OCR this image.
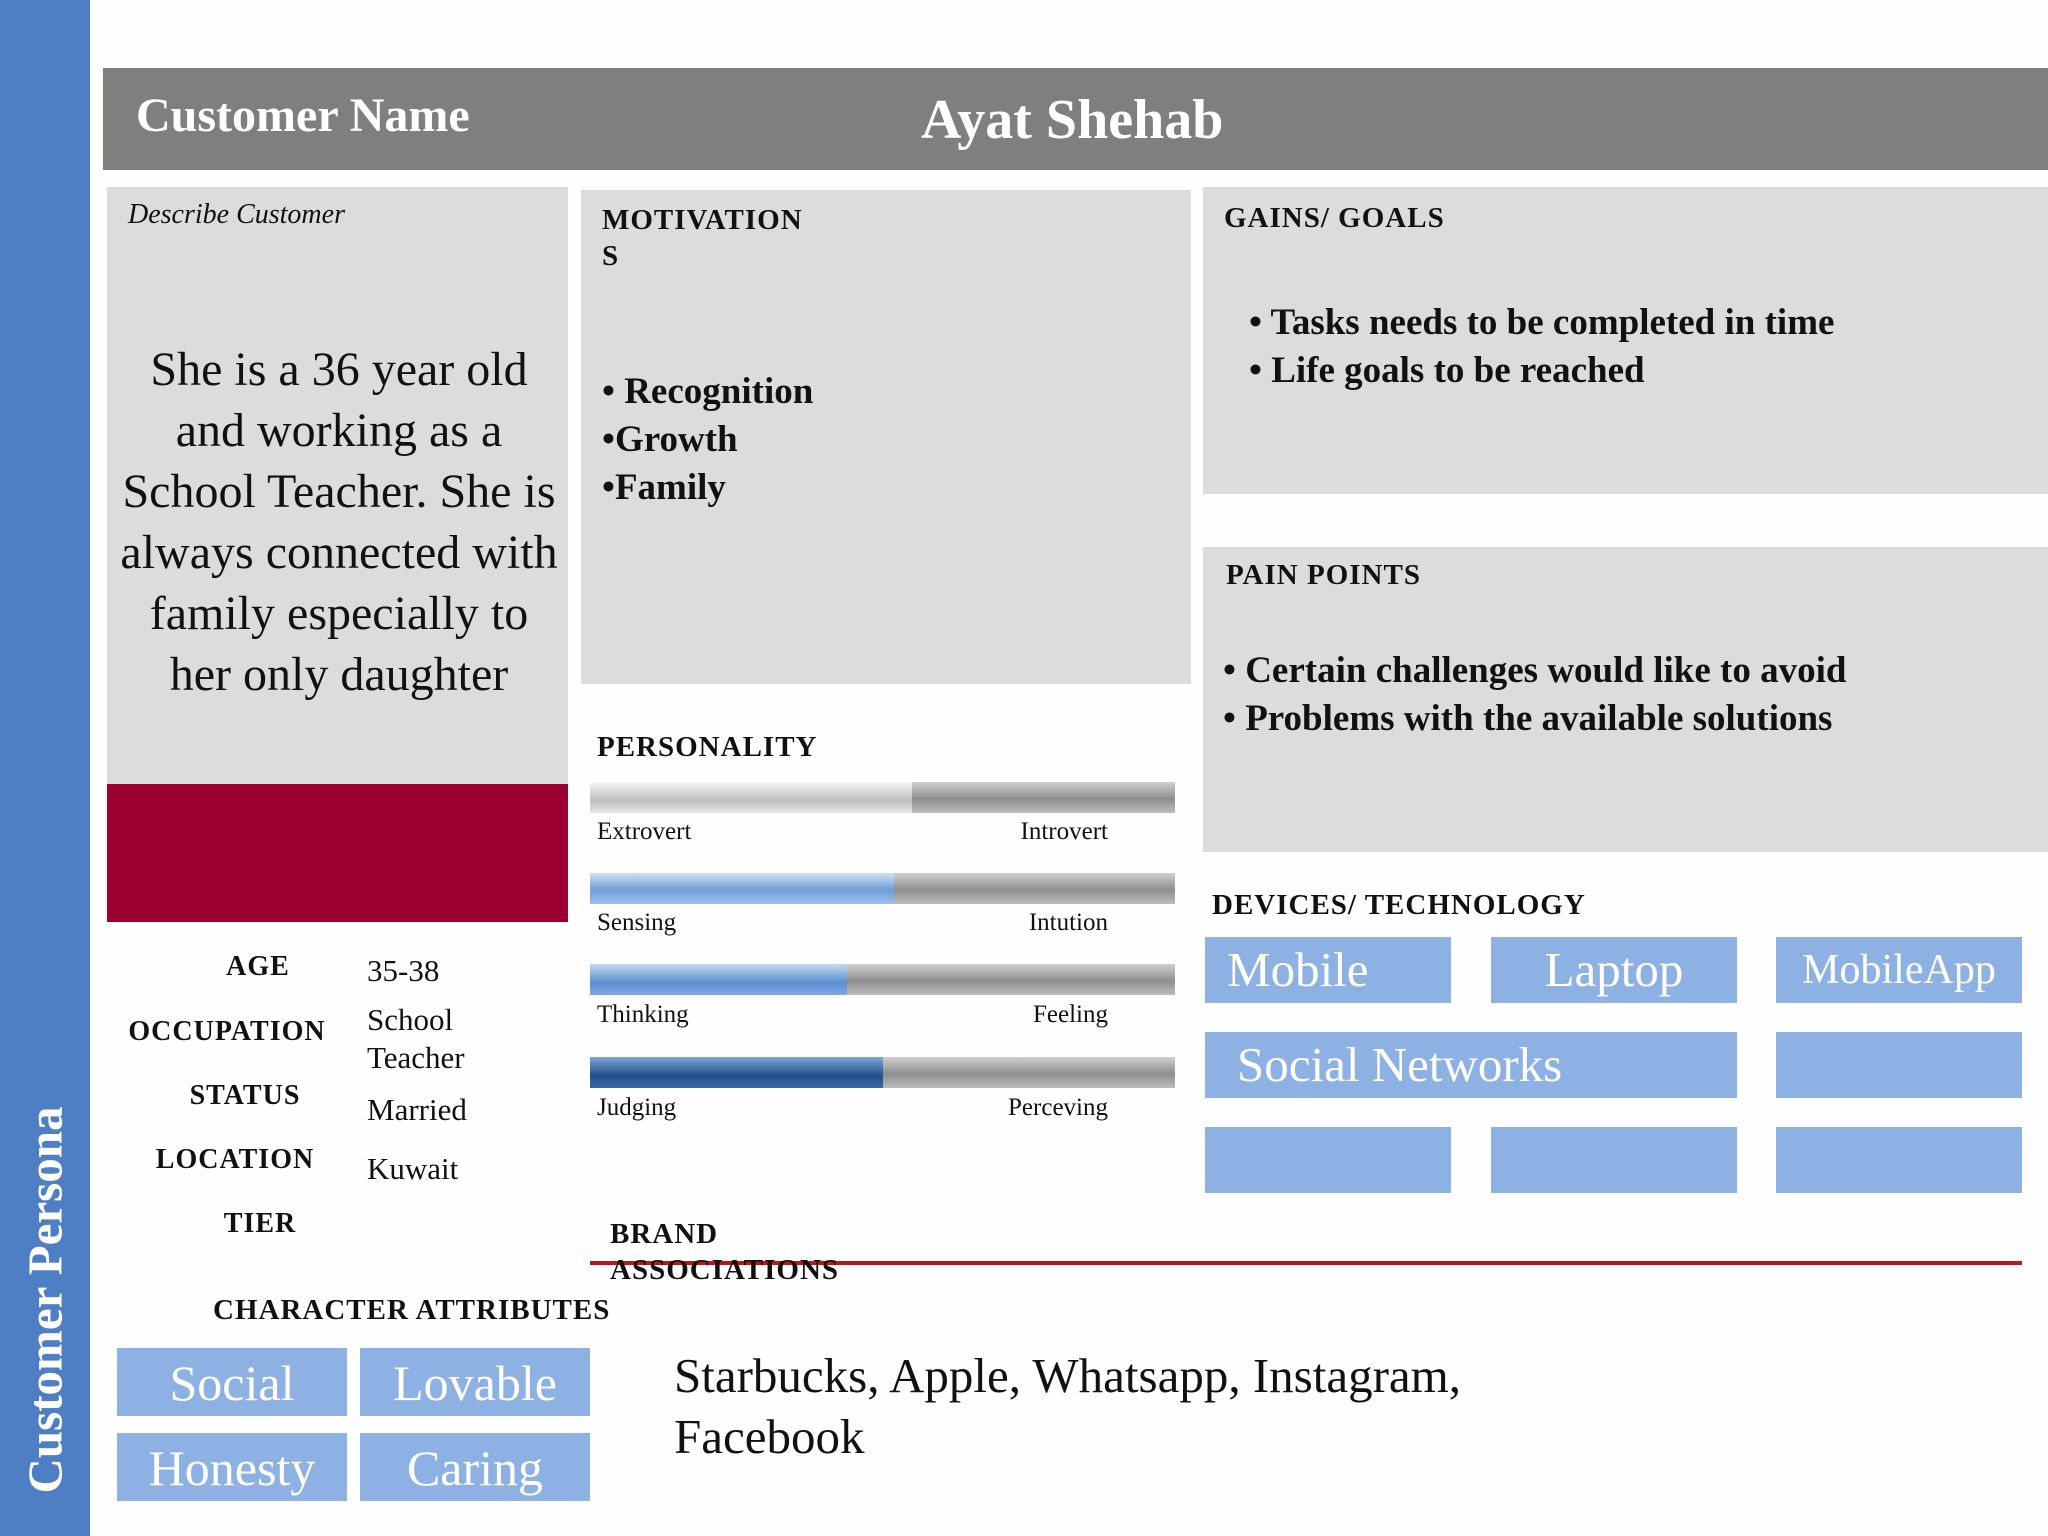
Customer Persona
Customer Name	Ayat Shehab
Describe Customer
She is a 36 year old and working as a School Teacher. She is always connected with family especially to her only daughter
MOTIVATION
S
• Recognition
•Growth
•Family
GAINS/ GOALS
• Tasks needs to be completed in time
• Life goals to be reached
PAIN POINTS
• Certain challenges would like to avoid
• Problems with the available solutions
AGE	35-38
OCCUPATION	School
Teacher
STATUS	Married
LOCATION	Kuwait
TIER
PERSONALITY
Extrovert	Introvert
Sensing	Intution
Thinking	Feeling
Judging	Perceving
DEVICES/ TECHNOLOGY
Mobile	Laptop	MobileApp
Social Networks
BRAND
ASSOCIATIONS
Starbucks, Apple, Whatsapp, Instagram,
Facebook
CHARACTER ATTRIBUTES
Social	Lovable
Honesty	Caring
